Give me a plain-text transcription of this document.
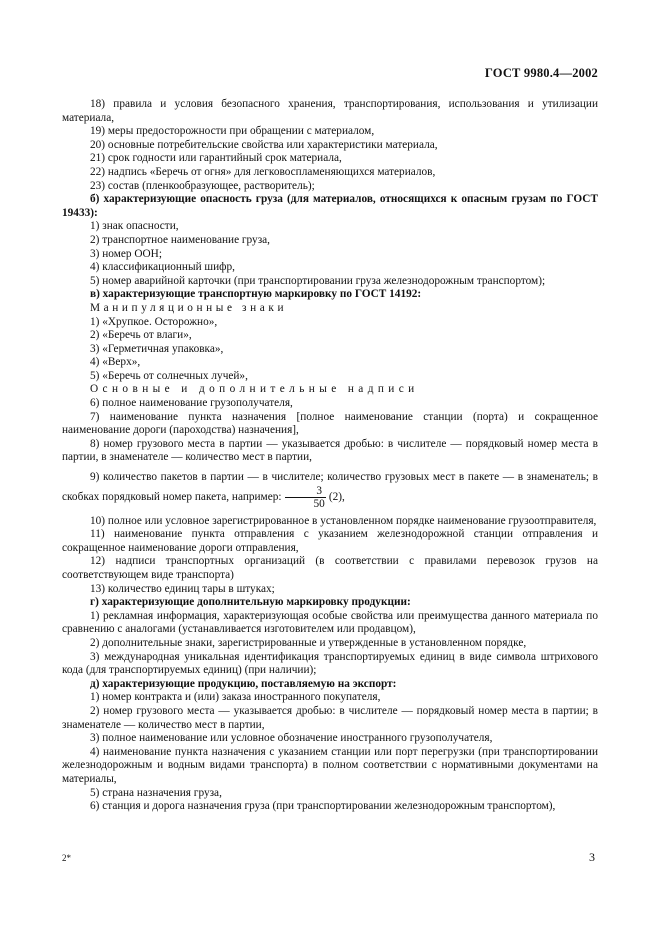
ГОСТ 9980.4—2002

18) правила и условия безопасного хранения, транспортирования, использования и утилизации материала,

19) меры предосторожности при обращении с материалом,

20) основные потребительские свойства или характеристики материала,

21) срок годности или гарантийный срок материала,

22) надпись «Беречь от огня» для легковоспламеняющихся материалов,

23) состав (пленкообразующее, растворитель);

б) характеризующие опасность груза (для материалов, относящихся к опасным грузам по ГОСТ 19433):

1) знак опасности,

2) транспортное наименование груза,

3) номер ООН;

4) классификационный шифр,

5) номер аварийной карточки (при транспортировании груза железнодорожным транспортом);

в) характеризующие транспортную маркировку по ГОСТ 14192:

Манипуляционные знаки

1) «Хрупкое. Осторожно»,

2) «Беречь от влаги»,

3) «Герметичная упаковка»,

4) «Верх»,

5) «Беречь от солнечных лучей»,

Основные и дополнительные надписи

6) полное наименование грузополучателя,

7) наименование пункта назначения [полное наименование станции (порта) и сокращенное наименование дороги (пароходства) назначения],

8) номер грузового места в партии — указывается дробью: в числителе — порядковый номер места в партии, в знаменателе — количество мест в партии,

9) количество пакетов в партии — в числителе; количество грузовых мест в пакете — в знаменатель; в скобках порядковый номер пакета, например: $\frac{3}{50} (2)$,

10) полное или условное зарегистрированное в установленном порядке наименование грузоотправителя,

11) наименование пункта отправления с указанием железнодорожной станции отправления и сокращенное наименование дороги отправления,

12) надписи транспортных организаций (в соответствии с правилами перевозок грузов на соответствующем виде транспорта)

13) количество единиц тары в штуках;

г) характеризующие дополнительную маркировку продукции:

1) рекламная информация, характеризующая особые свойства или преимущества данного материала по сравнению с аналогами (устанавливается изготовителем или продавцом),

2) дополнительные знаки, зарегистрированные и утвержденные в установленном порядке,

3) международная уникальная идентификация транспортируемых единиц в виде символа штрихового кода (для транспортируемых единиц) (при наличии);

д) характеризующие продукцию, поставляемую на экспорт:

1) номер контракта и (или) заказа иностранного покупателя,

2) номер грузового места — указывается дробью: в числителе — порядковый номер места в партии; в знаменателе — количество мест в партии,

3) полное наименование или условное обозначение иностранного грузополучателя,

4) наименование пункта назначения с указанием станции или порт перегрузки (при транспортировании железнодорожным и водным видами транспорта) в полном соответствии с нормативными документами на материалы,

5) страна назначения груза,

6) станция и дорога назначения груза (при транспортировании железнодорожным транспортом),

2*	3
